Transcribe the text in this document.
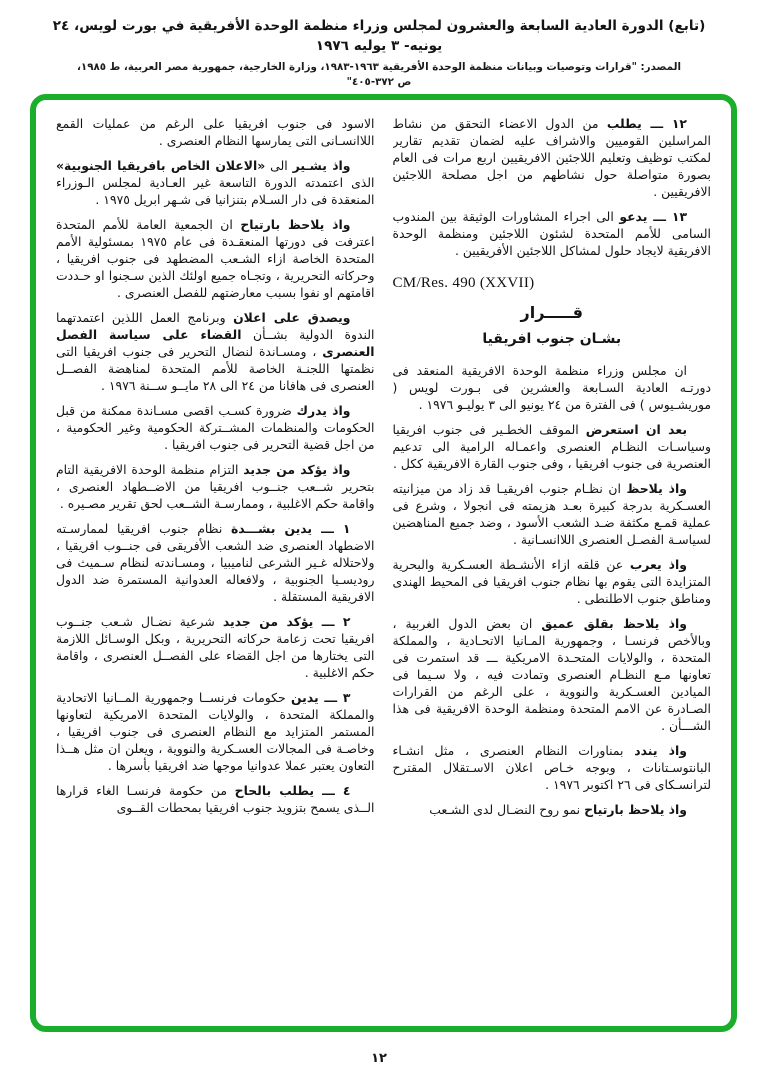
(تابع) الدورة العادية السابعة والعشرون لمجلس وزراء منظمة الوحدة الأفريقية في بورت لويس، ٢٤ يونيه- ٣ يوليه ١٩٧٦
المصدر: "قرارات وتوصيات وبيانات منظمة الوحدة الأفريقية ١٩٦٣-١٩٨٣، وزارة الخارجية، جمهورية مصر العربية، ط ١٩٨٥، ص ٣٧٢-٤٠٥"

١٢ ـــ يطلب من الدول الاعضاء التحقق من نشاط المراسلين القوميين والاشراف عليه لضمان تقديم تقارير لمكتب توظيف وتعليم اللاجئين الافريقيين اربع مرات فى العام بصورة متواصلة حول نشاطهم من اجل مصلحة اللاجئين الافريقيين .

١٣ ـــ يدعو الى اجراء المشاورات الوثيقة بين المندوب السامى للأمم المتحدة لشئون اللاجئين ومنظمة الوحدة الافريقية لايجاد حلول لمشاكل اللاجئين الأفريقيين .

CM/Res. 490 (XXVII)
قـــــرار
بشـان جنوب افريقيا

ان مجلس وزراء منظمة الوحدة الافريقية المنعقد فى دورتـه العادية السـابعة والعشرين فى بـورت لويس ( موريشـيوس ) فى الفترة من ٢٤ يونيو الى ٣ يوليـو ١٩٧٦ .

بعد ان استعرض الموقف الخطـير فى جنوب افريقيا وسياسـات النظـام العنصرى واعمـاله الرامية الى تدعيم العنصرية فى جنوب افريقيا ، وفى جنوب القارة الافريقية ككل .

واذ يلاحظ ان نظـام جنوب افريقيـا قد زاد من ميزانيته العسـكرية بدرجة كبيرة بعـد هزيمته فى انجولا ، وشرع فى عملية قمـع مكثفة ضـد الشعب الأسود ، وضد جميع المناهضين لسياسـة الفصـل العنصرى اللاانسـانية .

واذ يعرب عن قلقه ازاء الأنشـطة العسـكرية والبحرية المتزايدة التى يقوم بها نظام جنوب افريقيا فى المحيط الهندى ومناطق جنوب الاطلنطى .

واذ يلاحظ بقلق عميق ان بعض الدول الغربية ، وبالأخص فرنسـا ، وجمهورية المـانيا الاتحـادية ، والمملكة المتحدة ، والولايات المتحـدة الامريكية ـــ قد استمرت فى تعاونها مـع النظـام العنصرى وتمادت فيه ، ولا سـيما فى الميادين العسـكرية والنووية ، على الرغم من القرارات الصـادرة عن الامم المتحدة ومنظمة الوحدة الافريقية فى هذا الشـــأن .

واذ يندد بمناورات النظام العنصرى ، مثل انشـاء البانتوسـتانات ، وبوجه خـاص اعلان الاسـتقلال المقترح لترانسـكاى فى ٢٦ اكتوبر ١٩٧٦ .

واذ يلاحظ بارتياح نمو روح النضـال لدى الشـعب

الاسود فى جنوب افريقيا على الرغم من عمليات القمع اللاانسـانى التى يمارسها النظام العنصرى .

واذ يشـير الى «الاعلان الخاص بافريقيا الجنوبية» الذى اعتمدته الدورة التاسعة غير العـادية لمجلس الـوزراء المنعقدة فى دار السـلام بتنزانيا فى شـهر ابريل ١٩٧٥ .

واذ يلاحظ بارتياح ان الجمعية العامة للأمم المتحدة اعترفت فى دورتها المنعقـدة فى عام ١٩٧٥ بمسئولية الأمم المتحدة الخاصة ازاء الشـعب المضطهد فى جنوب افريقيا ، وحركاته التحريرية ، وتجـاه جميع اولئك الذين سـجنوا او حـددت اقامتهم او نفوا بسبب معارضتهم للفصل العنصرى .

ويصدق على اعلان وبرنامج العمل اللذين اعتمدتهما الندوة الدولية بشــأن القضاء على سياسة الفصل العنصرى ، ومسـاندة لنضال التحرير فى جنوب افريقيا التى نظمتها اللجنـة الخاصة للأمم المتحدة لمناهضة الفصــل العنصرى فى هافانا من ٢٤ الى ٢٨ مايــو ســنة ١٩٧٦ .

واذ يدرك ضرورة كسـب اقصى مسـاندة ممكنة من قبل الحكومات والمنظمات المشــتركة الحكومية وغير الحكومية ، من اجل قضية التحرير فى جنوب افريقيا .

واذ يؤكد من جديد التزام منظمة الوحدة الافريقية التام بتحرير شــعب جنــوب افريقيا من الاضــطهاد العنصرى ، واقامة حكم الاغلبية ، وممارسـة الشــعب لحق تقرير مصـيره .

١ ـــ يدين بشـــدة نظام جنوب افريقيا لممارسـته الاضطهاد العنصرى ضد الشعب الأفريقى فى جنــوب افريقيا ، ولاحتلاله غـير الشرعى لناميبيا ، ومسـاندته لنظام سـميث فى روديسـيا الجنوبية ، ولافعاله العدوانية المستمرة ضد الدول الافريقية المستقلة .

٢ ـــ يؤكد من جديد شرعية نضـال شـعب جنــوب افريقيا تحت زعامة حركاته التحريرية ، وبكل الوسـائل اللازمة التى يختارها من اجل القضاء على الفصــل العنصرى ، واقامة حكم الاغلبية .

٣ ـــ يدين حكومات فرنســا وجمهورية المــانيا الاتحادية والمملكة المتحدة ، والولايات المتحدة الامريكية لتعاونها المستمر المتزايد مع النظام العنصرى فى جنوب افريقيا ، وخاصـة فى المجالات العسـكرية والنووية ، ويعلن ان مثل هــذا التعاون يعتبر عملا عدوانيا موجها ضد افريقيا بأسرها .

٤ ـــ يطلب بالحاح من حكومة فرنسـا الغاء قرارها الــذى يسمح بتزويد جنوب افريقيا بمحطات القــوى

١٢
